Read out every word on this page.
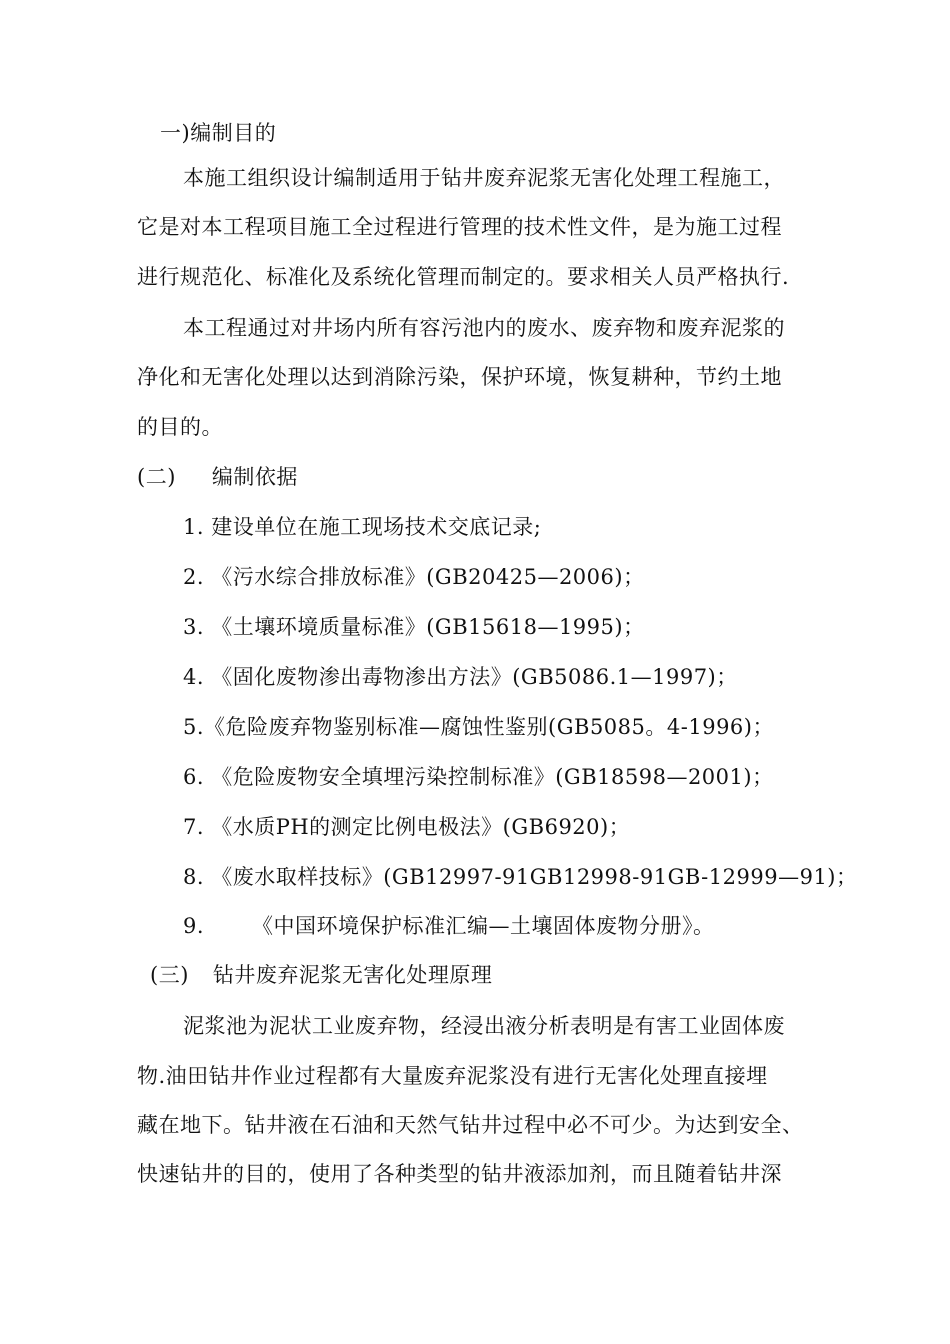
一)编制目的
本施工组织设计编制适用于钻井废弃泥浆无害化处理工程施工，
它是对本工程项目施工全过程进行管理的技术性文件，是为施工过程
进行规范化、标准化及系统化管理而制定的。要求相关人员严格执行.
本工程通过对井场内所有容污池内的废水、废弃物和废弃泥浆的
净化和无害化处理以达到消除污染，保护环境，恢复耕种，节约土地
的目的。
(二) 编制依据
1. 建设单位在施工现场技术交底记录;
2. 《污水综合排放标准》(GB20425—2006)；
3. 《土壤环境质量标准》(GB15618—1995)；
4. 《固化废物渗出毒物渗出方法》(GB5086.1—1997)；
5.《危险废弃物鉴别标准—腐蚀性鉴别(GB5085。4-1996)；
6. 《危险废物安全填埋污染控制标准》(GB18598—2001)；
7. 《水质PH的测定比例电极法》(GB6920)；
8. 《废水取样技标》(GB12997-91GB12998-91GB-12999—91)；
9. 《中国环境保护标准汇编—土壤固体废物分册》。
(三) 钻井废弃泥浆无害化处理原理
泥浆池为泥状工业废弃物，经浸出液分析表明是有害工业固体废
物.油田钻井作业过程都有大量废弃泥浆没有进行无害化处理直接埋
藏在地下。钻井液在石油和天然气钻井过程中必不可少。为达到安全、
快速钻井的目的，使用了各种类型的钻井液添加剂，而且随着钻井深
